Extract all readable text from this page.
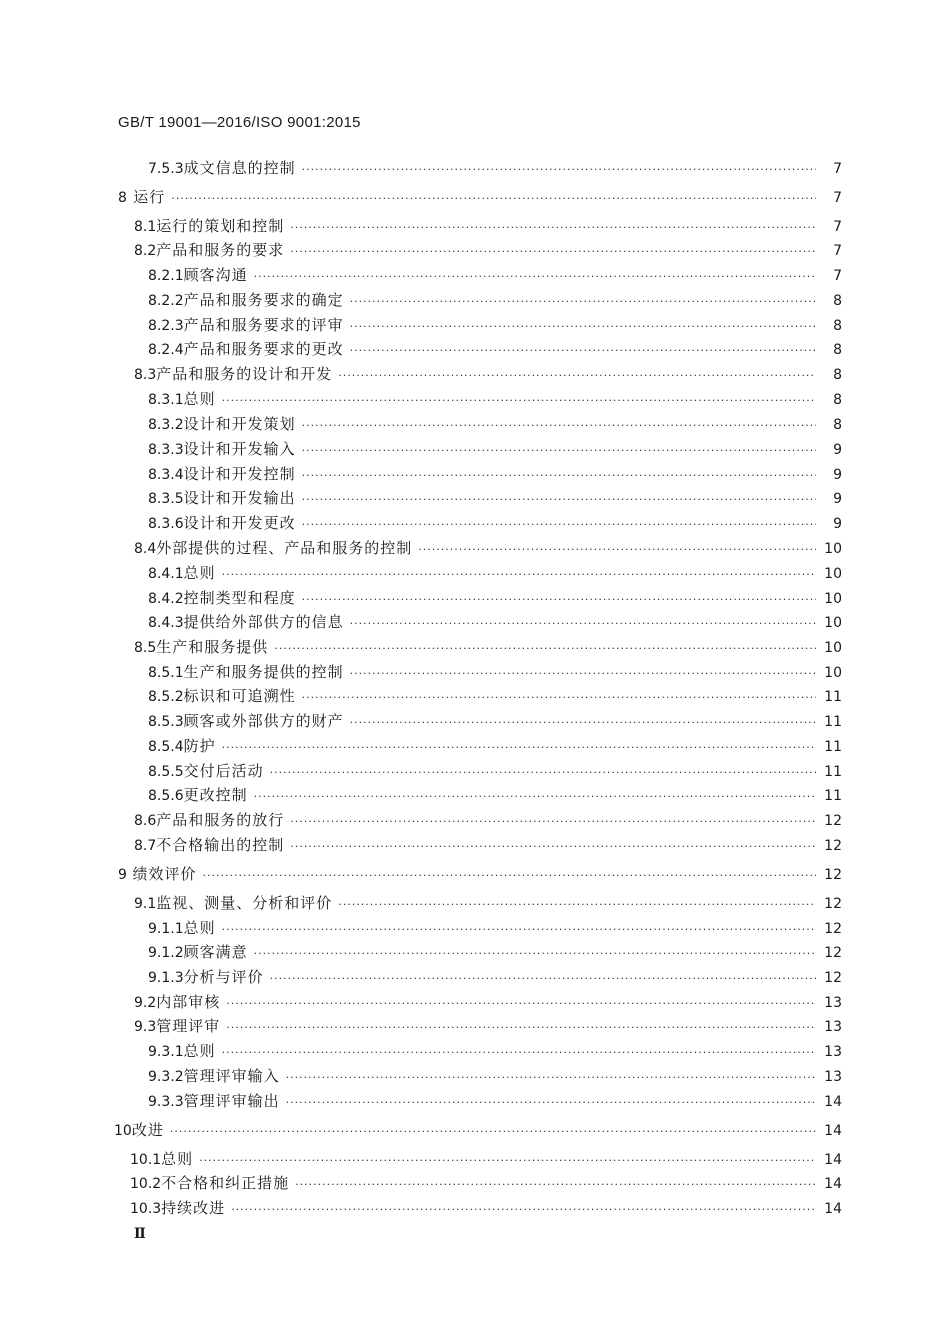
GB/T 19001—2016/ISO 9001:2015
7.5.3 成文信息的控制 ·····	7
8 运行 ·····	7
8.1 运行的策划和控制 ·····	7
8.2 产品和服务的要求 ·····	7
8.2.1 顾客沟通 ·····	7
8.2.2 产品和服务要求的确定 ·····	8
8.2.3 产品和服务要求的评审 ·····	8
8.2.4 产品和服务要求的更改 ·····	8
8.3 产品和服务的设计和开发 ·····	8
8.3.1 总则 ·····	8
8.3.2 设计和开发策划 ·····	8
8.3.3 设计和开发输入 ·····	9
8.3.4 设计和开发控制 ·····	9
8.3.5 设计和开发输出 ·····	9
8.3.6 设计和开发更改 ·····	9
8.4 外部提供的过程、产品和服务的控制 ·····	10
8.4.1 总则 ·····	10
8.4.2 控制类型和程度 ·····	10
8.4.3 提供给外部供方的信息 ·····	10
8.5 生产和服务提供 ·····	10
8.5.1 生产和服务提供的控制 ·····	10
8.5.2 标识和可追溯性 ·····	11
8.5.3 顾客或外部供方的财产 ·····	11
8.5.4 防护 ·····	11
8.5.5 交付后活动 ·····	11
8.5.6 更改控制 ·····	11
8.6 产品和服务的放行 ·····	12
8.7 不合格输出的控制 ·····	12
9 绩效评价 ·····	12
9.1 监视、测量、分析和评价 ·····	12
9.1.1 总则 ·····	12
9.1.2 顾客满意 ·····	12
9.1.3 分析与评价 ·····	12
9.2 内部审核 ·····	13
9.3 管理评审 ·····	13
9.3.1 总则 ·····	13
9.3.2 管理评审输入 ·····	13
9.3.3 管理评审输出 ·····	14
10 改进 ·····	14
10.1 总则 ·····	14
10.2 不合格和纠正措施 ·····	14
10.3 持续改进 ·····	14
Ⅱ
